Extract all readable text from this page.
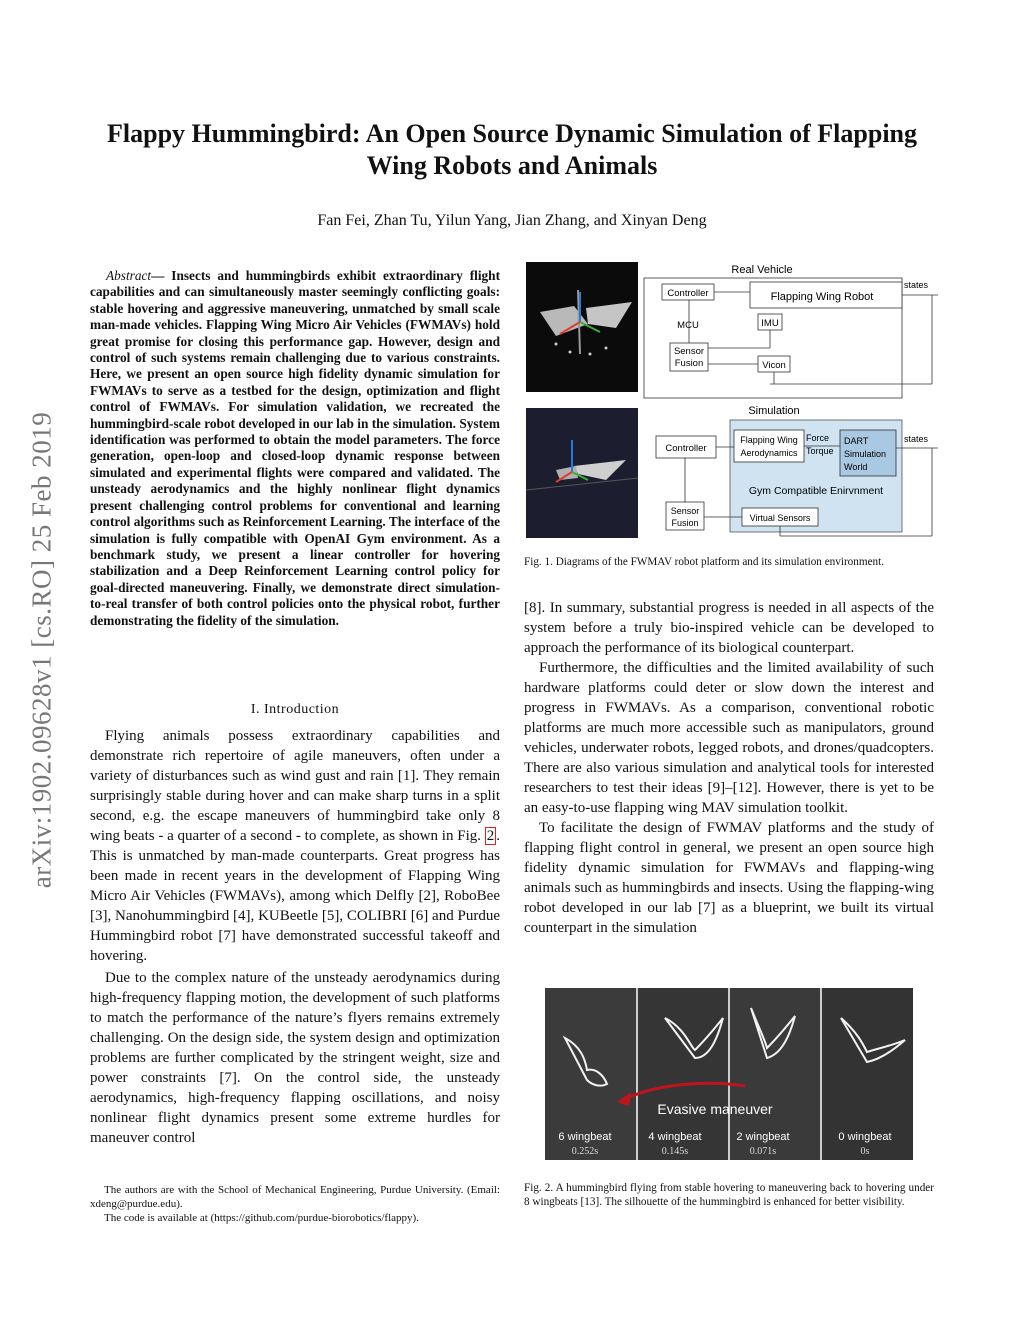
arXiv:1902.09628v1 [cs.RO] 25 Feb 2019
Flappy Hummingbird: An Open Source Dynamic Simulation of Flapping Wing Robots and Animals
Fan Fei, Zhan Tu, Yilun Yang, Jian Zhang, and Xinyan Deng
Abstract— Insects and hummingbirds exhibit extraordinary flight capabilities and can simultaneously master seemingly conflicting goals: stable hovering and aggressive maneuvering, unmatched by small scale man-made vehicles. Flapping Wing Micro Air Vehicles (FWMAVs) hold great promise for closing this performance gap. However, design and control of such systems remain challenging due to various constraints. Here, we present an open source high fidelity dynamic simulation for FWMAVs to serve as a testbed for the design, optimization and flight control of FWMAVs. For simulation validation, we recreated the hummingbird-scale robot developed in our lab in the simulation. System identification was performed to obtain the model parameters. The force generation, open-loop and closed-loop dynamic response between simulated and experimental flights were compared and validated. The unsteady aerodynamics and the highly nonlinear flight dynamics present challenging control problems for conventional and learning control algorithms such as Reinforcement Learning. The interface of the simulation is fully compatible with OpenAI Gym environment. As a benchmark study, we present a linear controller for hovering stabilization and a Deep Reinforcement Learning control policy for goal-directed maneuvering. Finally, we demonstrate direct simulation-to-real transfer of both control policies onto the physical robot, further demonstrating the fidelity of the simulation.
I. Introduction

Flying animals possess extraordinary capabilities and demonstrate rich repertoire of agile maneuvers, often under a variety of disturbances such as wind gust and rain [1]. They remain surprisingly stable during hover and can make sharp turns in a split second, e.g. the escape maneuvers of hummingbird take only 8 wing beats - a quarter of a second - to complete, as shown in Fig. 2 . This is unmatched by man-made counterparts. Great progress has been made in recent years in the development of Flapping Wing Micro Air Vehicles (FWMAVs), among which Delfly [2], RoboBee [3], Nanohummingbird [4], KUBeetle [5], COLIBRI [6] and Purdue Hummingbird robot [7] have demonstrated successful takeoff and hovering.

Due to the complex nature of the unsteady aerodynamics during high-frequency flapping motion, the development of such platforms to match the performance of the nature’s flyers remains extremely challenging. On the design side, the system design and optimization problems are further complicated by the stringent weight, size and power constraints [7]. On the control side, the unsteady aerodynamics, high-frequency flapping oscillations, and noisy nonlinear flight dynamics present some extreme hurdles for maneuver control

The authors are with the School of Mechanical Engineering, Purdue University. (Email: xdeng@purdue.edu).
The code is available at (https://github.com/purdue-biorobotics/flappy).
Real Vehicle
Controller
MCU
Sensor
Fusion
Flapping Wing Robot
IMU
Vicon
states
Simulation
Controller
Flapping Wing
Aerodynamics
Force
Torque
DART
Simulation
World
states
Gym Compatible Enirvnment
Virtual Sensors
Sensor
Fusion
Fig. 1. Diagrams of the FWMAV robot platform and its simulation environment.

[8]. In summary, substantial progress is needed in all aspects of the system before a truly bio-inspired vehicle can be developed to approach the performance of its biological counterpart.

Furthermore, the difficulties and the limited availability of such hardware platforms could deter or slow down the interest and progress in FWMAVs. As a comparison, conventional robotic platforms are much more accessible such as manipulators, ground vehicles, underwater robots, legged robots, and drones/quadcopters. There are also various simulation and analytical tools for interested researchers to test their ideas [9]–[12]. However, there is yet to be an easy-to-use flapping wing MAV simulation toolkit.

To facilitate the design of FWMAV platforms and the study of flapping flight control in general, we present an open source high fidelity dynamic simulation for FWMAVs and flapping-wing animals such as hummingbirds and insects. Using the flapping-wing robot developed in our lab [7] as a blueprint, we built its virtual counterpart in the simulation

Evasive maneuver
6 wingbeat
0.252s
4 wingbeat
0.145s
2 wingbeat
0.071s
0 wingbeat
0s
Fig. 2. A hummingbird flying from stable hovering to maneuvering back to hovering under 8 wingbeats [13]. The silhouette of the hummingbird is enhanced for better visibility.
